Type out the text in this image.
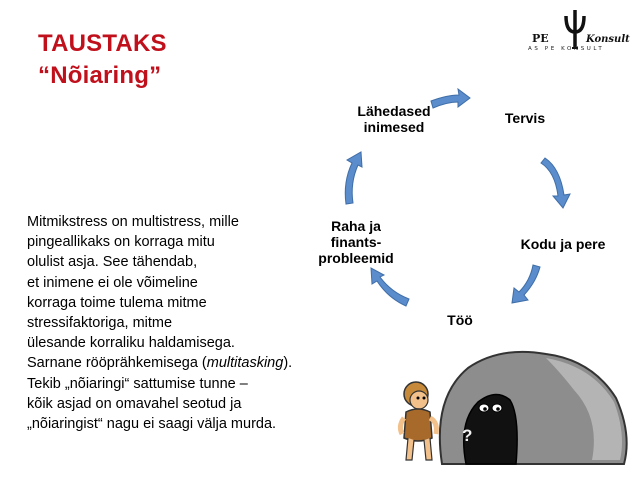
TAUSTAKS
“Nõiaring”
PE	Konsult
AS PE KONSULT
Lähedased
inimesed
Tervis
Kodu ja pere
Töö
Raha ja
finants-
probleemid
Mitmikstress on multistress, mille
pingeallikaks on korraga mitu
olulist asja. See tähendab,
et inimene ei ole võimeline
korraga toime tulema mitme
stressifaktoriga, mitme
ülesande korraliku haldamisega.
Sarnane rööprähkemisega (multitasking).
Tekib „nõiaringi“ sattumise tunne –
kõik asjad on omavahel seotud ja
„nõiaringist“ nagu ei saagi välja murda.
?
